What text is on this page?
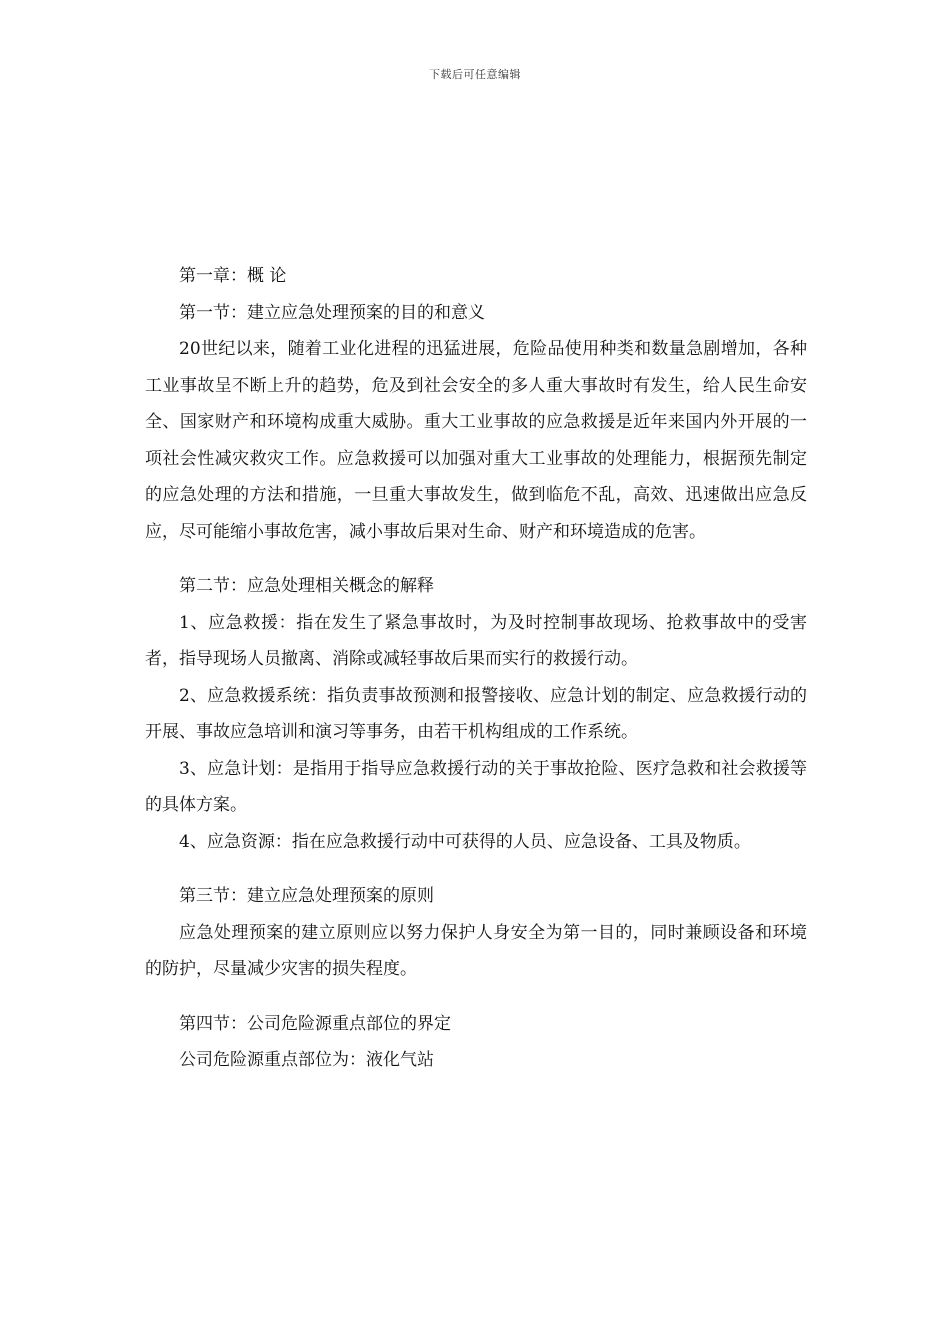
下载后可任意编辑

第一章：概 论

第一节：建立应急处理预案的目的和意义

20世纪以来，随着工业化进程的迅猛进展，危险品使用种类和数量急剧增加，各种工业事故呈不断上升的趋势，危及到社会安全的多人重大事故时有发生，给人民生命安全、国家财产和环境构成重大威胁。重大工业事故的应急救援是近年来国内外开展的一项社会性减灾救灾工作。应急救援可以加强对重大工业事故的处理能力，根据预先制定的应急处理的方法和措施，一旦重大事故发生，做到临危不乱，高效、迅速做出应急反应，尽可能缩小事故危害，减小事故后果对生命、财产和环境造成的危害。

第二节：应急处理相关概念的解释

1、应急救援：指在发生了紧急事故时，为及时控制事故现场、抢救事故中的受害者，指导现场人员撤离、消除或减轻事故后果而实行的救援行动。

2、应急救援系统：指负责事故预测和报警接收、应急计划的制定、应急救援行动的开展、事故应急培训和演习等事务，由若干机构组成的工作系统。

3、应急计划：是指用于指导应急救援行动的关于事故抢险、医疗急救和社会救援等的具体方案。

4、应急资源：指在应急救援行动中可获得的人员、应急设备、工具及物质。

第三节：建立应急处理预案的原则

应急处理预案的建立原则应以努力保护人身安全为第一目的，同时兼顾设备和环境的防护，尽量减少灾害的损失程度。

第四节：公司危险源重点部位的界定

公司危险源重点部位为：液化气站
